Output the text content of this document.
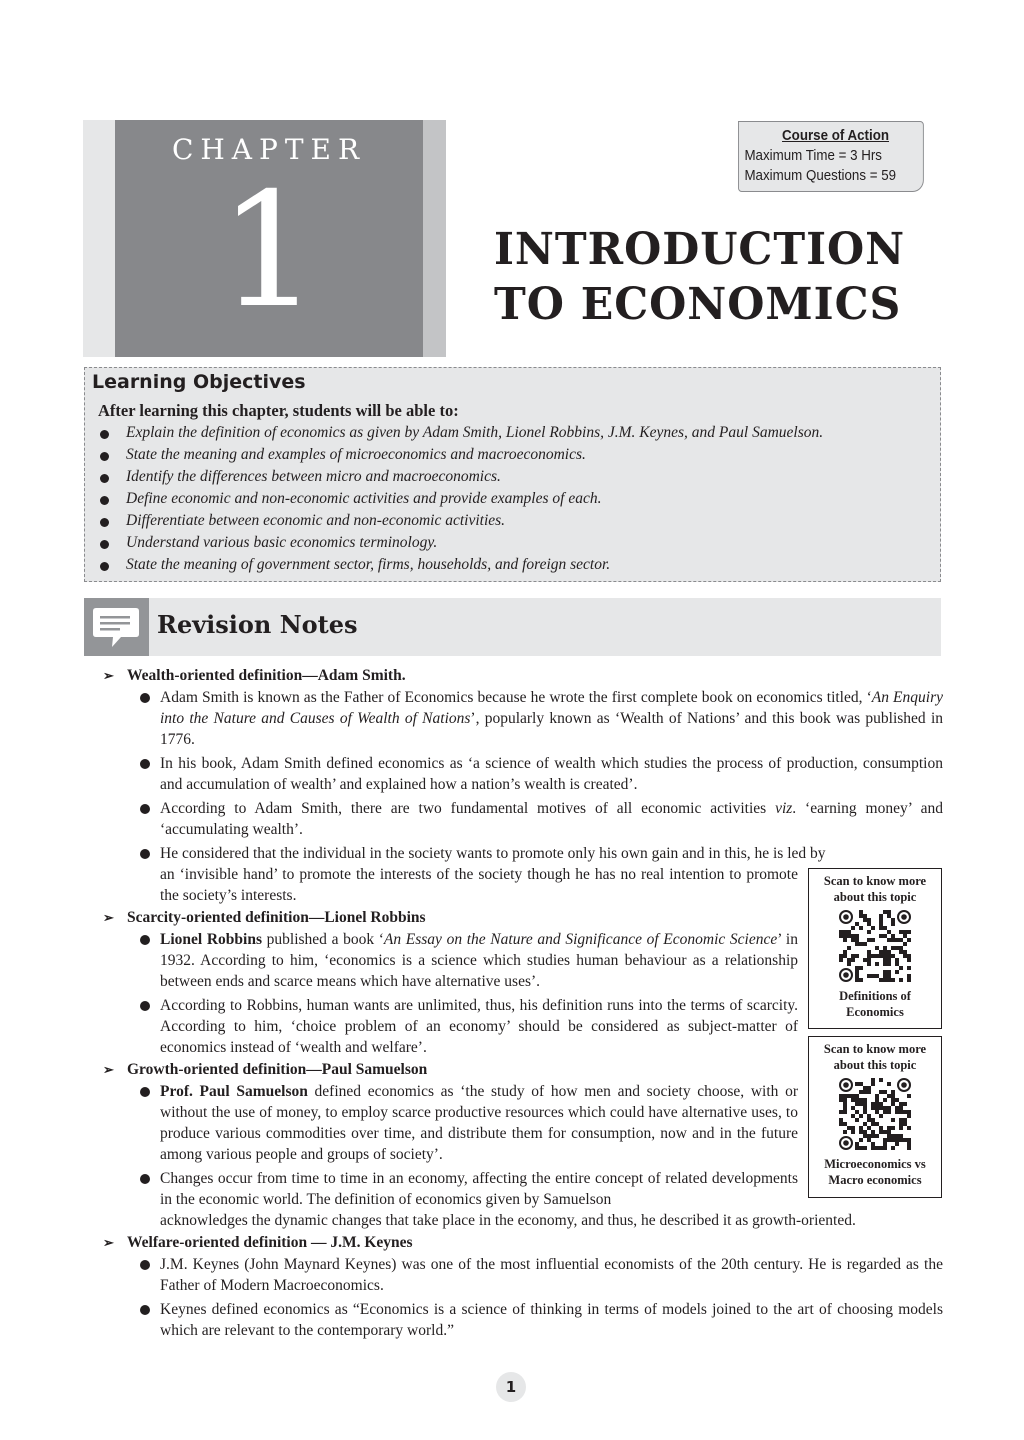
CHAPTER
1
Course of Action
Maximum Time = 3 Hrs
Maximum Questions = 59
INTRODUCTION
TO ECONOMICS
Learning Objectives
After learning this chapter, students will be able to:
Explain the definition of economics as given by Adam Smith, Lionel Robbins, J.M. Keynes, and Paul Samuelson.
State the meaning and examples of microeconomics and macroeconomics.
Identify the differences between micro and macroeconomics.
Define economic and non-economic activities and provide examples of each.
Differentiate between economic and non-economic activities.
Understand various basic economics terminology.
State the meaning of government sector, firms, households, and foreign sector.
Revision Notes
➢ Wealth-oriented definition—Adam Smith.
Adam Smith is known as the Father of Economics because he wrote the first complete book on economics titled, ‘An Enquiry into the Nature and Causes of Wealth of Nations’, popularly known as ‘Wealth of Nations’ and this book was published in 1776.
In his book, Adam Smith defined economics as ‘a science of wealth which studies the process of production, consumption and accumulation of wealth’ and explained how a nation’s wealth is created’.
According to Adam Smith, there are two fundamental motives of all economic activities viz. ‘earning money’ and ‘accumulating wealth’.
He considered that the individual in the society wants to promote only his own gain and in this, he is led by
an ‘invisible hand’ to promote the interests of the society though he has no real intention to promote the society’s interests.
➢ Scarcity-oriented definition—Lionel Robbins
Lionel Robbins published a book ‘An Essay on the Nature and Significance of Economic Science’ in 1932. According to him, ‘economics is a science which studies human behaviour as a relationship between ends and scarce means which have alternative uses’.
According to Robbins, human wants are unlimited, thus, his definition runs into the terms of scarcity. According to him, ‘choice problem of an economy’ should be considered as subject-matter of economics instead of ‘wealth and welfare’.
➢ Growth-oriented definition—Paul Samuelson
Prof. Paul Samuelson defined economics as ‘the study of how men and society choose, with or without the use of money, to employ scarce productive resources which could have alternative uses, to produce various commodities over time, and distribute them for consumption, now and in the future among various people and groups of society’.
Changes occur from time to time in an economy, affecting the entire concept of related developments in the economic world. The definition of economics given by Samuelson
acknowledges the dynamic changes that take place in the economy, and thus, he described it as growth-oriented.
➢ Welfare-oriented definition — J.M. Keynes
J.M. Keynes (John Maynard Keynes) was one of the most influential economists of the 20th century. He is regarded as the Father of Modern Macroeconomics.
Keynes defined economics as “Economics is a science of thinking in terms of models joined to the art of choosing models which are relevant to the contemporary world.”
Scan to know more
about this topic
Definitions of
Economics
Scan to know more
about this topic
Microeconomics vs
Macro economics
1
